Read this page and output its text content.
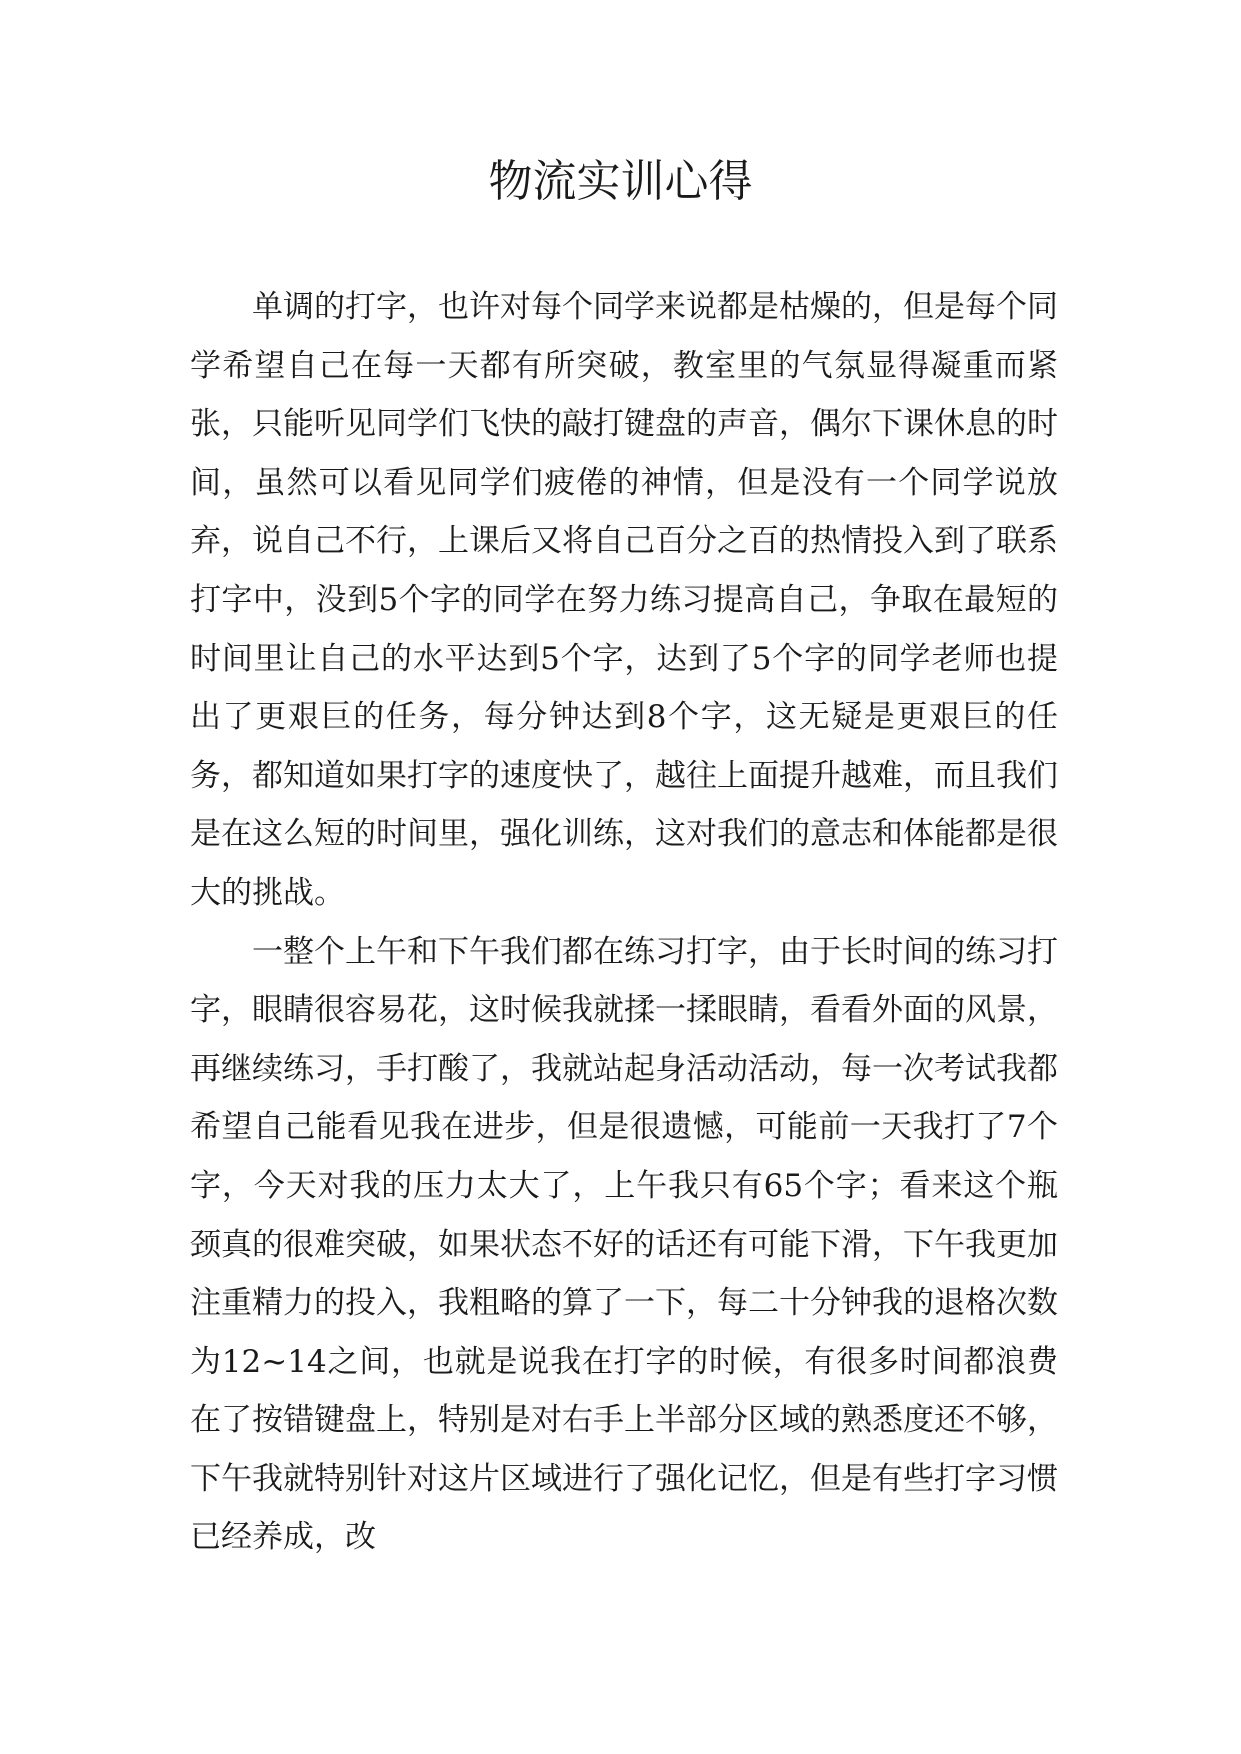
物流实训心得

单调的打字，也许对每个同学来说都是枯燥的，但是每个同学希望自己在每一天都有所突破，教室里的气氛显得凝重而紧张，只能听见同学们飞快的敲打键盘的声音，偶尔下课休息的时间，虽然可以看见同学们疲倦的神情，但是没有一个同学说放弃，说自己不行，上课后又将自己百分之百的热情投入到了联系打字中，没到5个字的同学在努力练习提高自己，争取在最短的时间里让自己的水平达到5个字，达到了5个字的同学老师也提出了更艰巨的任务，每分钟达到8个字，这无疑是更艰巨的任务，都知道如果打字的速度快了，越往上面提升越难，而且我们是在这么短的时间里，强化训练，这对我们的意志和体能都是很大的挑战。

一整个上午和下午我们都在练习打字，由于长时间的练习打字，眼睛很容易花，这时候我就揉一揉眼睛，看看外面的风景，再继续练习，手打酸了，我就站起身活动活动，每一次考试我都希望自己能看见我在进步，但是很遗憾，可能前一天我打了7个字，今天对我的压力太大了，上午我只有65个字；看来这个瓶颈真的很难突破，如果状态不好的话还有可能下滑，下午我更加注重精力的投入，我粗略的算了一下，每二十分钟我的退格次数为12~14之间，也就是说我在打字的时候，有很多时间都浪费在了按错键盘上，特别是对右手上半部分区域的熟悉度还不够，下午我就特别针对这片区域进行了强化记忆，但是有些打字习惯已经养成，改
